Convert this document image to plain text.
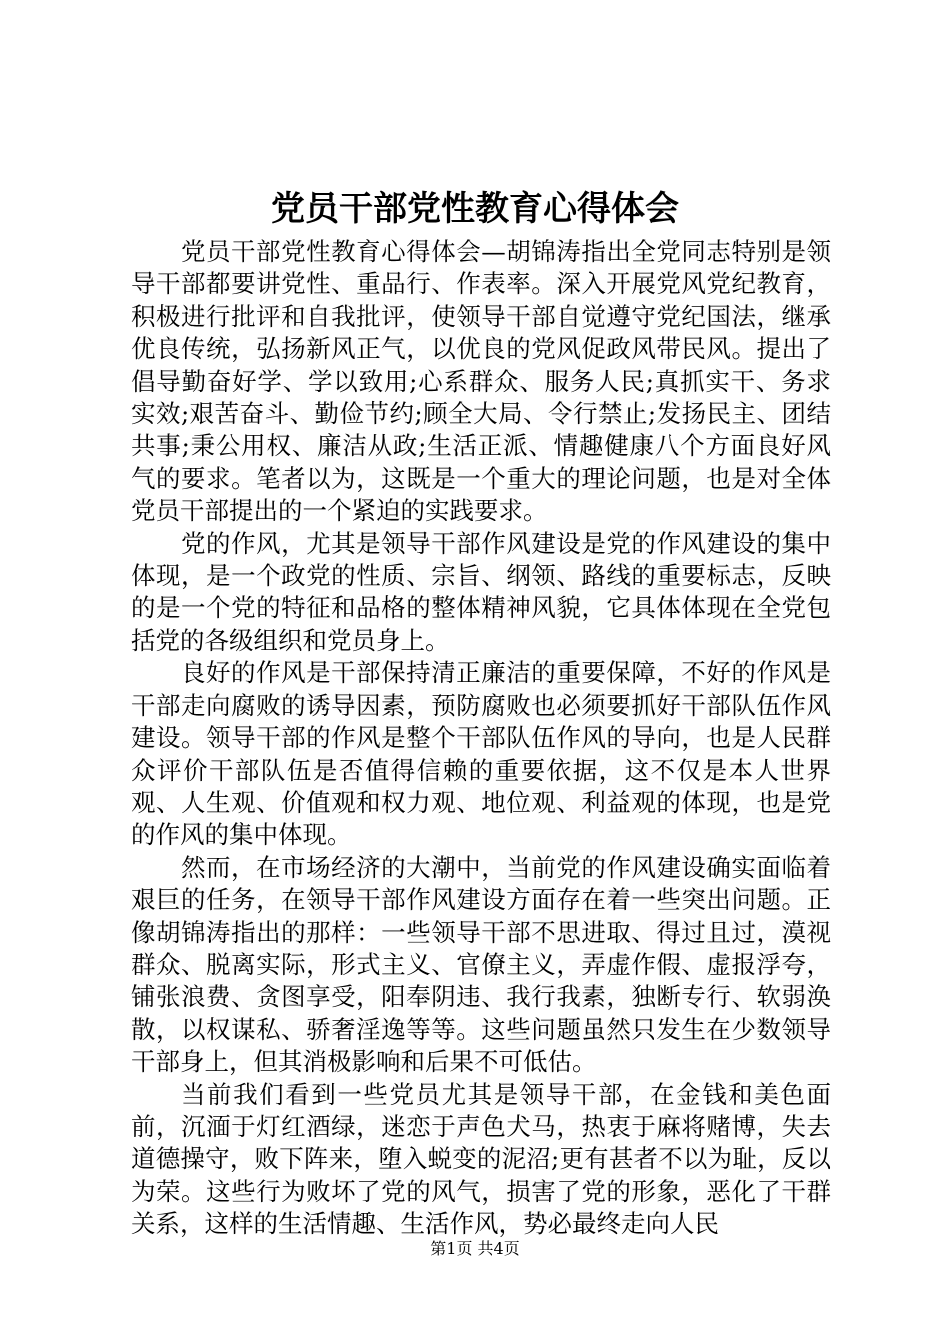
党员干部党性教育心得体会

党员干部党性教育心得体会—胡锦涛指出全党同志特别是领导干部都要讲党性、重品行、作表率。深入开展党风党纪教育，积极进行批评和自我批评，使领导干部自觉遵守党纪国法，继承优良传统，弘扬新风正气，以优良的党风促政风带民风。提出了倡导勤奋好学、学以致用;心系群众、服务人民;真抓实干、务求实效;艰苦奋斗、勤俭节约;顾全大局、令行禁止;发扬民主、团结共事;秉公用权、廉洁从政;生活正派、情趣健康八个方面良好风气的要求。笔者以为，这既是一个重大的理论问题，也是对全体党员干部提出的一个紧迫的实践要求。

党的作风，尤其是领导干部作风建设是党的作风建设的集中体现，是一个政党的性质、宗旨、纲领、路线的重要标志，反映的是一个党的特征和品格的整体精神风貌，它具体体现在全党包括党的各级组织和党员身上。

良好的作风是干部保持清正廉洁的重要保障，不好的作风是干部走向腐败的诱导因素，预防腐败也必须要抓好干部队伍作风建设。领导干部的作风是整个干部队伍作风的导向，也是人民群众评价干部队伍是否值得信赖的重要依据，这不仅是本人世界观、人生观、价值观和权力观、地位观、利益观的体现，也是党的作风的集中体现。

然而，在市场经济的大潮中，当前党的作风建设确实面临着艰巨的任务，在领导干部作风建设方面存在着一些突出问题。正像胡锦涛指出的那样：一些领导干部不思进取、得过且过，漠视群众、脱离实际，形式主义、官僚主义，弄虚作假、虚报浮夸，铺张浪费、贪图享受，阳奉阴违、我行我素，独断专行、软弱涣散，以权谋私、骄奢淫逸等等。这些问题虽然只发生在少数领导干部身上，但其消极影响和后果不可低估。

当前我们看到一些党员尤其是领导干部，在金钱和美色面前，沉湎于灯红酒绿，迷恋于声色犬马，热衷于麻将赌博，失去道德操守，败下阵来，堕入蜕变的泥沼;更有甚者不以为耻，反以为荣。这些行为败坏了党的风气，损害了党的形象，恶化了干群关系，这样的生活情趣、生活作风，势必最终走向人民

第1页 共4页
